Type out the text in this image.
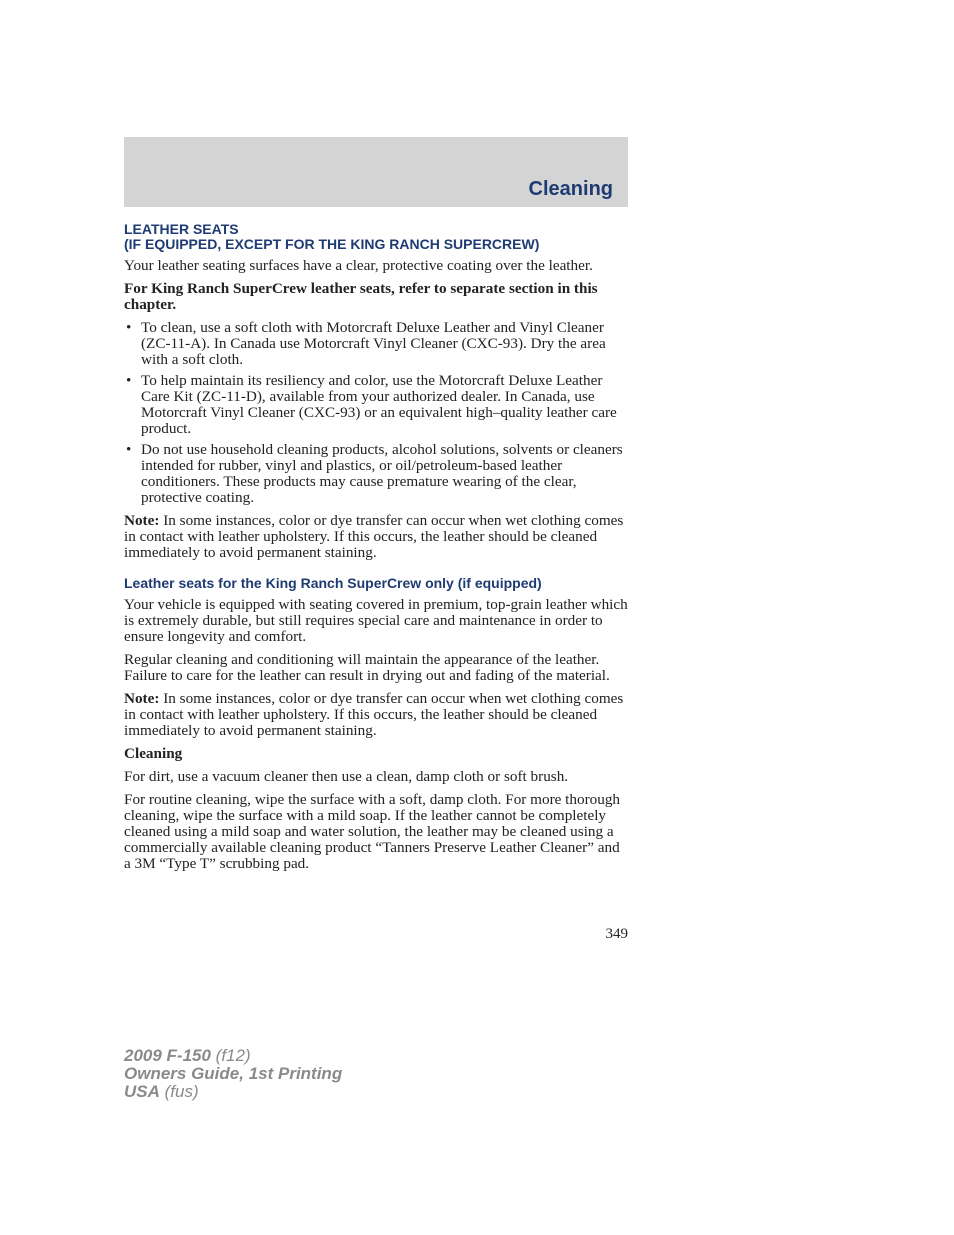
Cleaning
LEATHER SEATS
(IF EQUIPPED, EXCEPT FOR THE KING RANCH SUPERCREW)

Your leather seating surfaces have a clear, protective coating over the leather.

For King Ranch SuperCrew leather seats, refer to separate section in this chapter.

• To clean, use a soft cloth with Motorcraft Deluxe Leather and Vinyl Cleaner (ZC-11-A). In Canada use Motorcraft Vinyl Cleaner (CXC-93). Dry the area with a soft cloth.
• To help maintain its resiliency and color, use the Motorcraft Deluxe Leather Care Kit (ZC-11-D), available from your authorized dealer. In Canada, use Motorcraft Vinyl Cleaner (CXC-93) or an equivalent high–quality leather care product.
• Do not use household cleaning products, alcohol solutions, solvents or cleaners intended for rubber, vinyl and plastics, or oil/petroleum-based leather conditioners. These products may cause premature wearing of the clear, protective coating.

Note: In some instances, color or dye transfer can occur when wet clothing comes in contact with leather upholstery. If this occurs, the leather should be cleaned immediately to avoid permanent staining.

Leather seats for the King Ranch SuperCrew only (if equipped)

Your vehicle is equipped with seating covered in premium, top-grain leather which is extremely durable, but still requires special care and maintenance in order to ensure longevity and comfort.

Regular cleaning and conditioning will maintain the appearance of the leather. Failure to care for the leather can result in drying out and fading of the material.

Note: In some instances, color or dye transfer can occur when wet clothing comes in contact with leather upholstery. If this occurs, the leather should be cleaned immediately to avoid permanent staining.

Cleaning

For dirt, use a vacuum cleaner then use a clean, damp cloth or soft brush.

For routine cleaning, wipe the surface with a soft, damp cloth. For more thorough cleaning, wipe the surface with a mild soap. If the leather cannot be completely cleaned using a mild soap and water solution, the leather may be cleaned using a commercially available cleaning product “Tanners Preserve Leather Cleaner” and a 3M “Type T” scrubbing pad.

349
2009 F-150 (f12)
Owners Guide, 1st Printing
USA (fus)
